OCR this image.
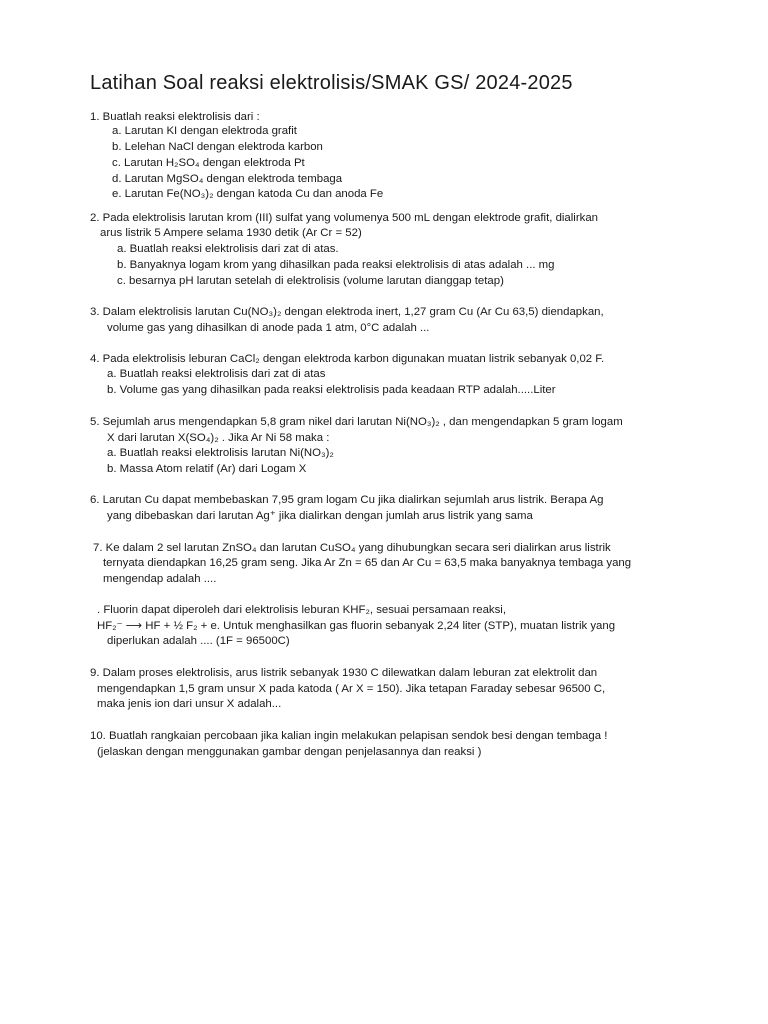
Latihan Soal reaksi elektrolisis/SMAK GS/ 2024-2025

1. Buatlah reaksi elektrolisis dari :

a. Larutan KI dengan elektroda grafit

b. Lelehan NaCl dengan elektroda karbon

c. Larutan H₂SO₄ dengan elektroda Pt

d. Larutan MgSO₄ dengan elektroda tembaga

e. Larutan Fe(NO₃)₂ dengan katoda Cu dan anoda Fe

2. Pada elektrolisis larutan krom (III) sulfat yang volumenya 500 mL dengan elektrode grafit, dialirkan

arus listrik 5 Ampere selama 1930 detik (Ar Cr = 52)

a. Buatlah reaksi elektrolisis dari zat di atas.

b. Banyaknya logam krom yang dihasilkan pada reaksi elektrolisis di atas adalah ... mg

c. besarnya pH larutan setelah di elektrolisis (volume larutan dianggap tetap)

3. Dalam elektrolisis larutan Cu(NO₃)₂ dengan elektroda inert, 1,27 gram Cu (Ar Cu 63,5) diendapkan,

volume gas yang dihasilkan di anode pada 1 atm, 0°C adalah ...

4. Pada elektrolisis leburan CaCl₂ dengan elektroda karbon digunakan muatan listrik sebanyak 0,02 F.

a. Buatlah reaksi elektrolisis dari zat di atas

b. Volume gas yang dihasilkan pada reaksi elektrolisis pada keadaan RTP adalah.....Liter

5. Sejumlah arus mengendapkan 5,8 gram nikel dari larutan Ni(NO₃)₂ , dan mengendapkan 5 gram logam

X dari larutan X(SO₄)₂ . Jika Ar Ni 58 maka :

a. Buatlah reaksi elektrolisis larutan Ni(NO₃)₂

b. Massa Atom relatif (Ar) dari Logam X

6. Larutan Cu dapat membebaskan 7,95 gram logam Cu jika dialirkan sejumlah arus listrik. Berapa Ag

yang dibebaskan dari larutan Ag⁺ jika dialirkan dengan jumlah arus listrik yang sama

7. Ke dalam 2 sel larutan ZnSO₄ dan larutan CuSO₄ yang dihubungkan secara seri dialirkan arus listrik

ternyata diendapkan 16,25 gram seng. Jika Ar Zn = 65 dan Ar Cu = 63,5 maka banyaknya tembaga yang

mengendap adalah ....

. Fluorin dapat diperoleh dari elektrolisis leburan KHF₂, sesuai persamaan reaksi,

HF₂⁻ ⟶ HF + ½ F₂ + e. Untuk menghasilkan gas fluorin sebanyak 2,24 liter (STP), muatan listrik yang

diperlukan adalah .... (1F = 96500C)

9. Dalam proses elektrolisis, arus listrik sebanyak 1930 C dilewatkan dalam leburan zat elektrolit dan

mengendapkan 1,5 gram unsur X pada katoda ( Ar X = 150). Jika tetapan Faraday sebesar 96500 C,

maka jenis ion dari unsur X adalah...

10. Buatlah rangkaian percobaan jika kalian ingin melakukan pelapisan sendok besi dengan tembaga !

(jelaskan dengan menggunakan gambar dengan penjelasannya dan reaksi )
